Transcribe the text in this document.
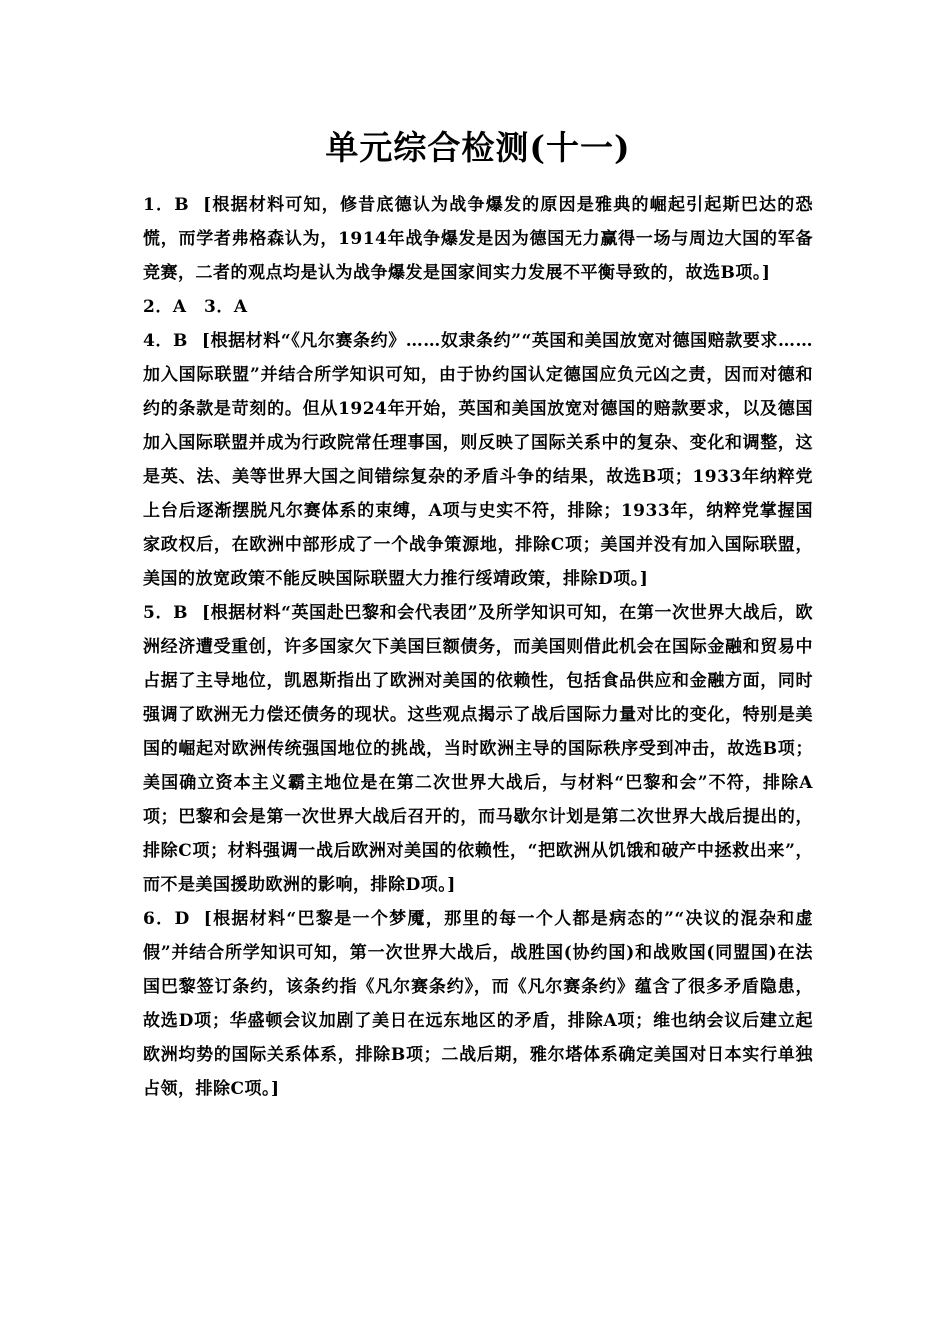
单元综合检测(十一)

1．B [根据材料可知，修昔底德认为战争爆发的原因是雅典的崛起引起斯巴达的恐慌，而学者弗格森认为，1914年战争爆发是因为德国无力赢得一场与周边大国的军备竞赛，二者的观点均是认为战争爆发是国家间实力发展不平衡导致的，故选B项。]

2．A　3．A

4．B [根据材料“《凡尔赛条约》……奴隶条约”“英国和美国放宽对德国赔款要求……加入国际联盟”并结合所学知识可知，由于协约国认定德国应负元凶之责，因而对德和约的条款是苛刻的。但从1924年开始，英国和美国放宽对德国的赔款要求，以及德国加入国际联盟并成为行政院常任理事国，则反映了国际关系中的复杂、变化和调整，这是英、法、美等世界大国之间错综复杂的矛盾斗争的结果，故选B项；1933年纳粹党上台后逐渐摆脱凡尔赛体系的束缚，A项与史实不符，排除；1933年，纳粹党掌握国家政权后，在欧洲中部形成了一个战争策源地，排除C项；美国并没有加入国际联盟，美国的放宽政策不能反映国际联盟大力推行绥靖政策，排除D项。]

5．B [根据材料“英国赴巴黎和会代表团”及所学知识可知，在第一次世界大战后，欧洲经济遭受重创，许多国家欠下美国巨额债务，而美国则借此机会在国际金融和贸易中占据了主导地位，凯恩斯指出了欧洲对美国的依赖性，包括食品供应和金融方面，同时强调了欧洲无力偿还债务的现状。这些观点揭示了战后国际力量对比的变化，特别是美国的崛起对欧洲传统强国地位的挑战，当时欧洲主导的国际秩序受到冲击，故选B项；美国确立资本主义霸主地位是在第二次世界大战后，与材料“巴黎和会”不符，排除A项；巴黎和会是第一次世界大战后召开的，而马歇尔计划是第二次世界大战后提出的，排除C项；材料强调一战后欧洲对美国的依赖性，“把欧洲从饥饿和破产中拯救出来”，而不是美国援助欧洲的影响，排除D项。]

6．D [根据材料“巴黎是一个梦魇，那里的每一个人都是病态的”“决议的混杂和虚假”并结合所学知识可知，第一次世界大战后，战胜国(协约国)和战败国(同盟国)在法国巴黎签订条约，该条约指《凡尔赛条约》，而《凡尔赛条约》蕴含了很多矛盾隐患，故选D项；华盛顿会议加剧了美日在远东地区的矛盾，排除A项；维也纳会议后建立起欧洲均势的国际关系体系，排除B项；二战后期，雅尔塔体系确定美国对日本实行单独占领，排除C项。]
